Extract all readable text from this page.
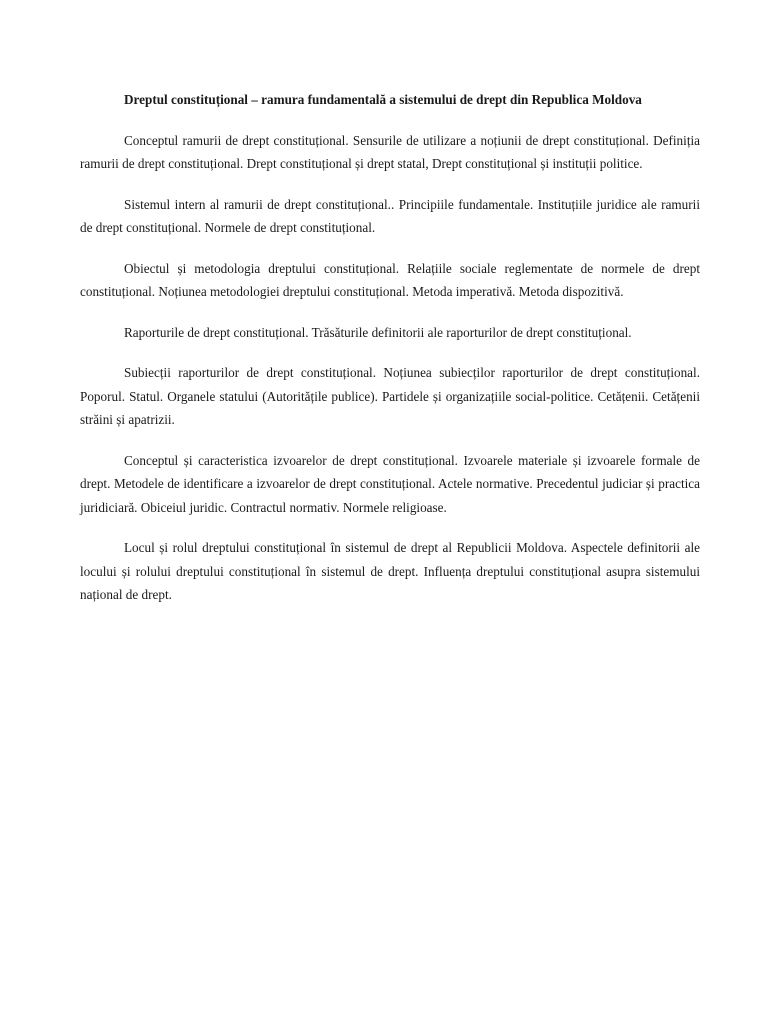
Dreptul constituțional – ramura fundamentală a sistemului de drept din Republica Moldova

Conceptul ramurii de drept constituțional. Sensurile de utilizare a noțiunii de drept constituțional. Definiția ramurii de drept constituțional. Drept constituțional și drept statal, Drept constituțional și instituții politice.

Sistemul intern al ramurii de drept constituțional.. Principiile fundamentale. Instituțiile juridice ale ramurii de drept constituțional. Normele de drept constituțional.

Obiectul și metodologia dreptului constituțional. Relațiile sociale reglementate de normele de drept constituțional. Noțiunea metodologiei dreptului constituțional. Metoda imperativă. Metoda dispozitivă.

Raporturile de drept constituțional. Trăsăturile definitorii ale raporturilor de drept constituțional.

Subiecții raporturilor de drept constituțional. Noțiunea subiecților raporturilor de drept constituțional. Poporul. Statul. Organele statului (Autoritățile publice). Partidele și organizațiile social-politice. Cetățenii. Cetățenii străini și apatrizii.

Conceptul și caracteristica izvoarelor de drept constituțional. Izvoarele materiale și izvoarele formale de drept. Metodele de identificare a izvoarelor de drept constituțional. Actele normative. Precedentul judiciar și practica juridiciară. Obiceiul juridic. Contractul normativ. Normele religioase.

Locul și rolul dreptului constituțional în sistemul de drept al Republicii Moldova. Aspectele definitorii ale locului și rolului dreptului constituțional în sistemul de drept. Influența dreptului constituțional asupra sistemului național de drept.
